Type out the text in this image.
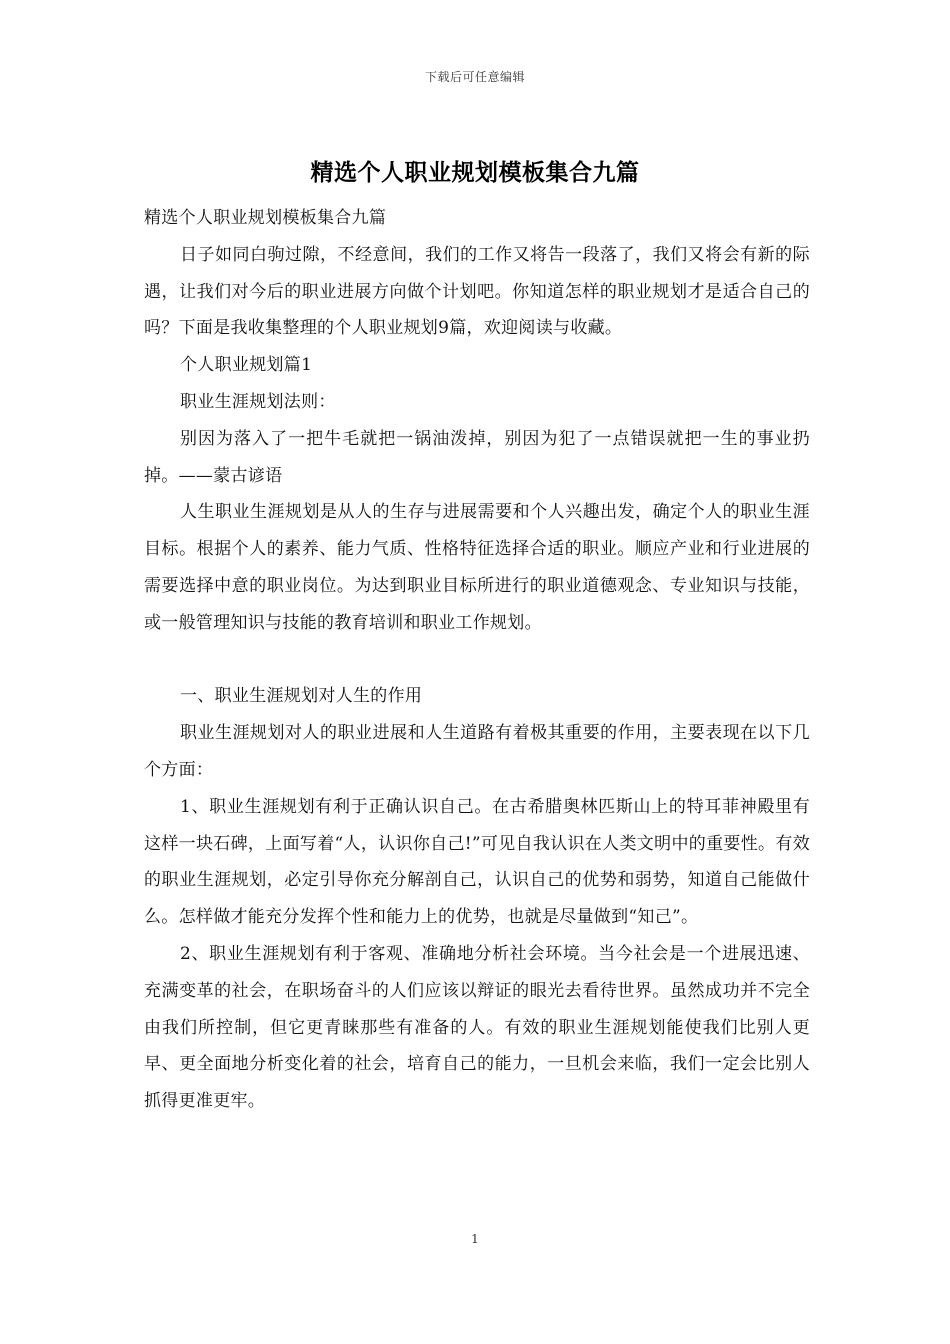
下载后可任意编辑
精选个人职业规划模板集合九篇

精选个人职业规划模板集合九篇

日子如同白驹过隙，不经意间，我们的工作又将告一段落了，我们又将会有新的际遇，让我们对今后的职业进展方向做个计划吧。你知道怎样的职业规划才是适合自己的吗？下面是我收集整理的个人职业规划9篇，欢迎阅读与收藏。

个人职业规划篇1

职业生涯规划法则：

别因为落入了一把牛毛就把一锅油泼掉，别因为犯了一点错误就把一生的事业扔掉。——蒙古谚语

人生职业生涯规划是从人的生存与进展需要和个人兴趣出发，确定个人的职业生涯目标。根据个人的素养、能力气质、性格特征选择合适的职业。顺应产业和行业进展的需要选择中意的职业岗位。为达到职业目标所进行的职业道德观念、专业知识与技能，或一般管理知识与技能的教育培训和职业工作规划。

一、职业生涯规划对人生的作用

职业生涯规划对人的职业进展和人生道路有着极其重要的作用，主要表现在以下几个方面：

1、职业生涯规划有利于正确认识自己。在古希腊奥林匹斯山上的特耳菲神殿里有这样一块石碑，上面写着“人，认识你自己!”可见自我认识在人类文明中的重要性。有效的职业生涯规划，必定引导你充分解剖自己，认识自己的优势和弱势，知道自己能做什么。怎样做才能充分发挥个性和能力上的优势，也就是尽量做到“知己”。

2、职业生涯规划有利于客观、准确地分析社会环境。当今社会是一个进展迅速、充满变革的社会，在职场奋斗的人们应该以辩证的眼光去看待世界。虽然成功并不完全由我们所控制，但它更青睐那些有准备的人。有效的职业生涯规划能使我们比别人更早、更全面地分析变化着的社会，培育自己的能力，一旦机会来临，我们一定会比别人抓得更准更牢。

1
